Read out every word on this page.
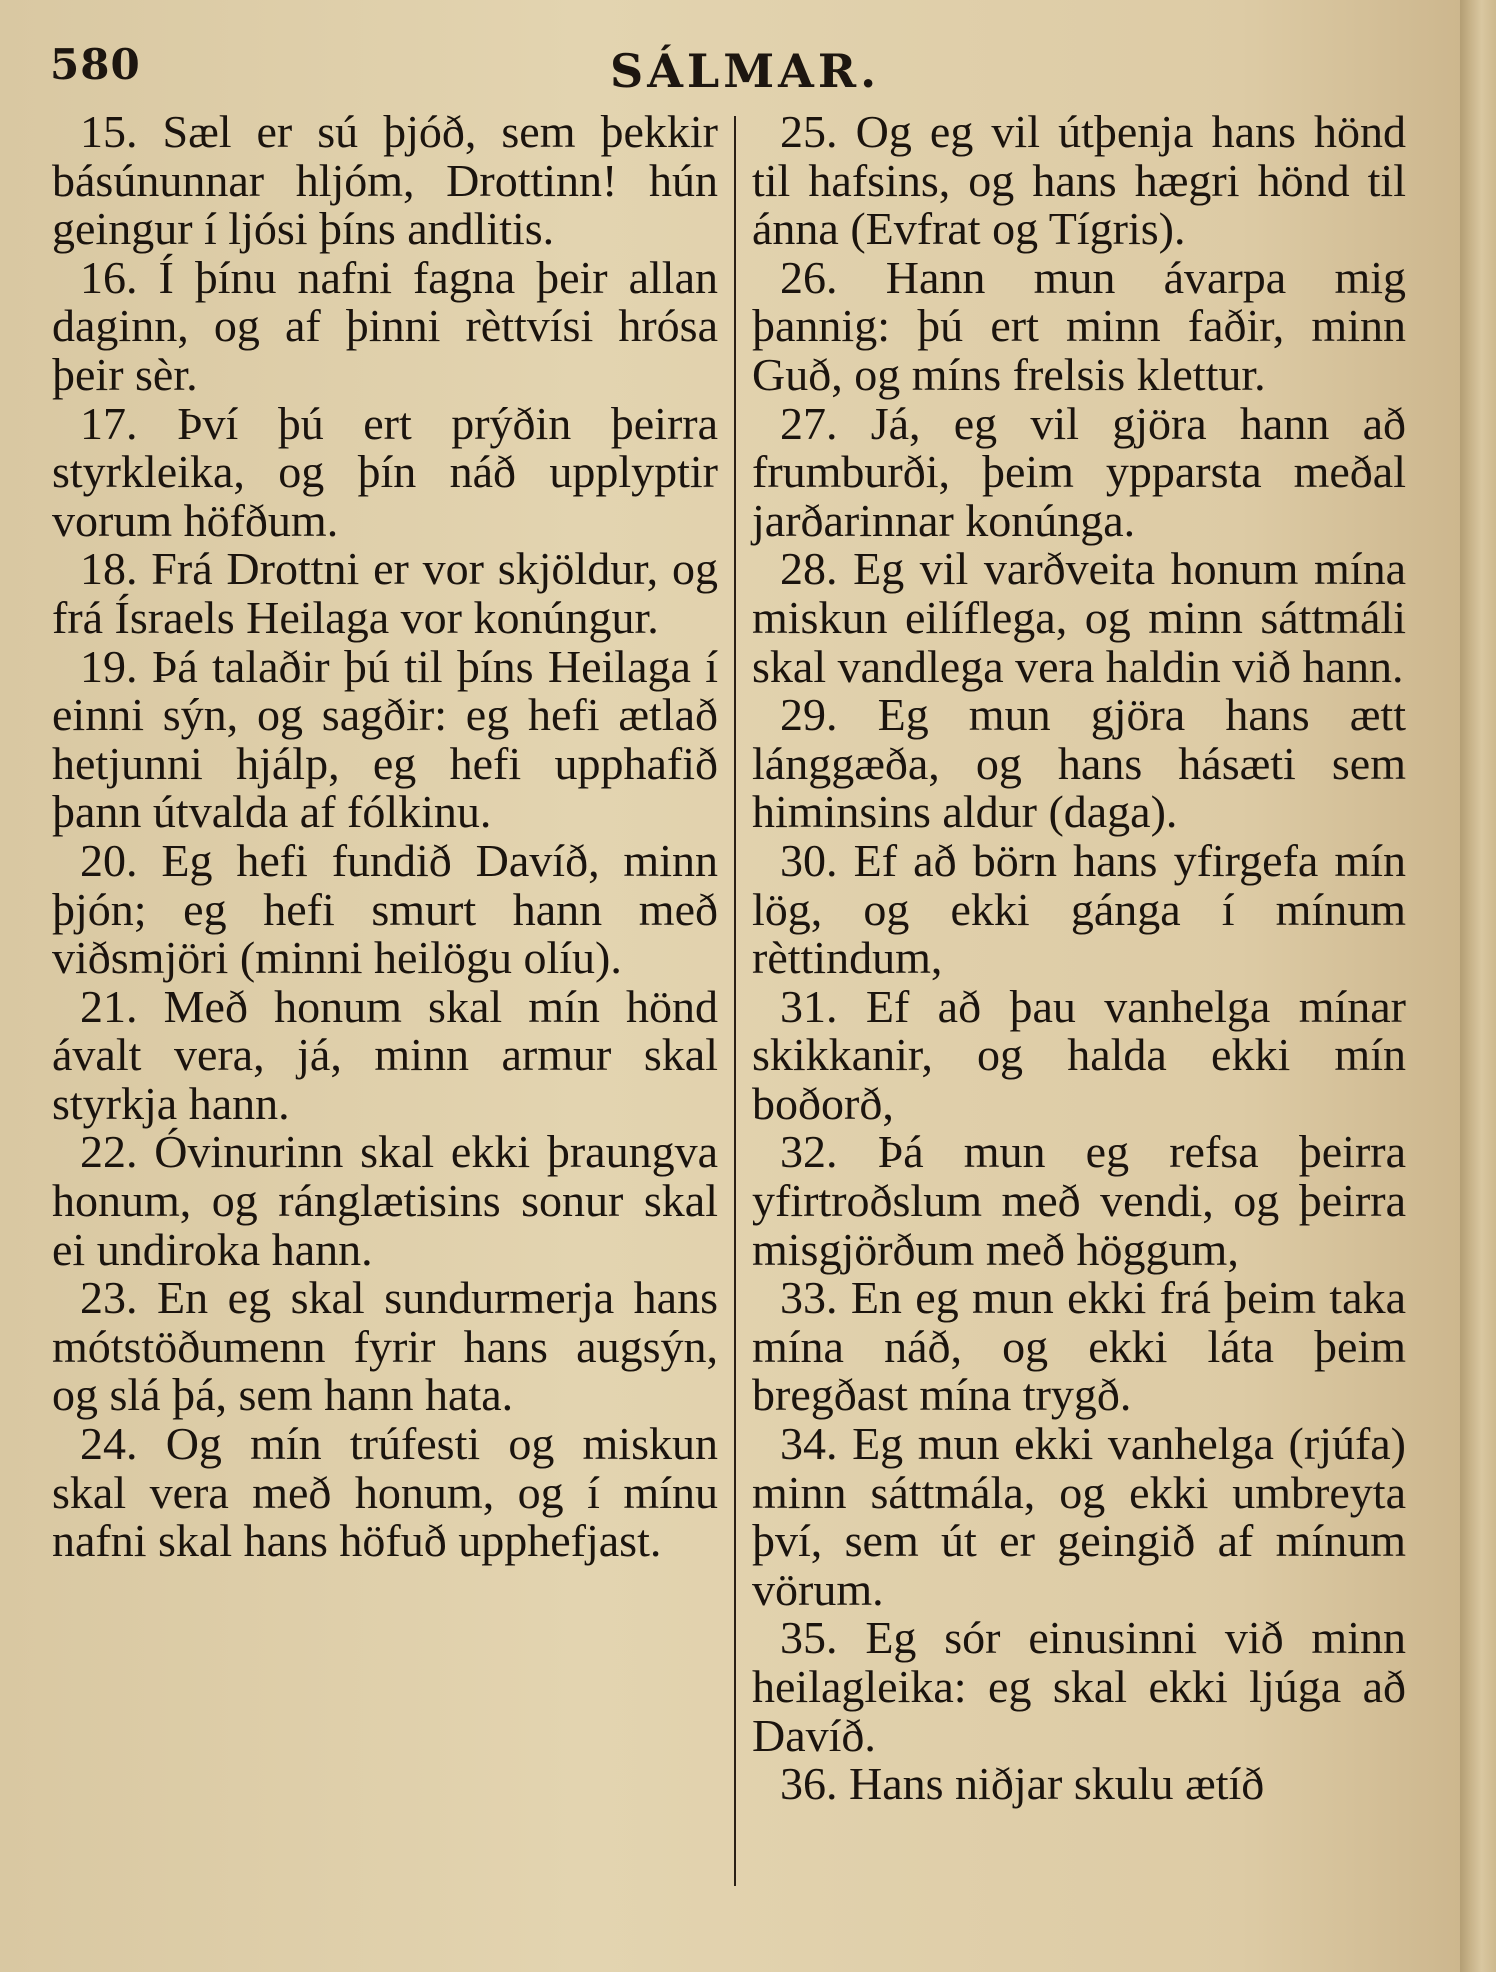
580	SÁLMAR.

15. Sæl er sú þjóð, sem þekkir básúnunnar hljóm, Drottinn! hún geingur í ljósi þíns andlitis.

16. Í þínu nafni fagna þeir allan daginn, og af þinni rèttvísi hrósa þeir sèr.

17. Því þú ert prýðin þeirra styrkleika, og þín náð upplyptir vorum höfðum.

18. Frá Drottni er vor skjöldur, og frá Ísraels Heilaga vor konúngur.

19. Þá talaðir þú til þíns Heilaga í einni sýn, og sagðir: eg hefi ætlað hetjunni hjálp, eg hefi upphafið þann útvalda af fólkinu.

20. Eg hefi fundið Davíð, minn þjón; eg hefi smurt hann með viðsmjöri (minni heilögu olíu).

21. Með honum skal mín hönd ávalt vera, já, minn armur skal styrkja hann.

22. Óvinurinn skal ekki þraungva honum, og ránglætisins sonur skal ei undiroka hann.

23. En eg skal sundurmerja hans mótstöðumenn fyrir hans augsýn, og slá þá, sem hann hata.

24. Og mín trúfesti og miskun skal vera með honum, og í mínu nafni skal hans höfuð upphefjast.

25. Og eg vil útþenja hans hönd til hafsins, og hans hægri hönd til ánna (Evfrat og Tígris).

26. Hann mun ávarpa mig þannig: þú ert minn faðir, minn Guð, og míns frelsis klettur.

27. Já, eg vil gjöra hann að frumburði, þeim ypparsta meðal jarðarinnar konúnga.

28. Eg vil varðveita honum mína miskun eilíflega, og minn sáttmáli skal vandlega vera haldin við hann.

29. Eg mun gjöra hans ætt lánggæða, og hans hásæti sem himinsins aldur (daga).

30. Ef að börn hans yfirgefa mín lög, og ekki gánga í mínum rèttindum,

31. Ef að þau vanhelga mínar skikkanir, og halda ekki mín boðorð,

32. Þá mun eg refsa þeirra yfirtroðslum með vendi, og þeirra misgjörðum með höggum,

33. En eg mun ekki frá þeim taka mína náð, og ekki láta þeim bregðast mína trygð.

34. Eg mun ekki vanhelga (rjúfa) minn sáttmála, og ekki umbreyta því, sem út er geingið af mínum vörum.

35. Eg sór einusinni við minn heilagleika: eg skal ekki ljúga að Davíð.

36. Hans niðjar skulu ætíð
